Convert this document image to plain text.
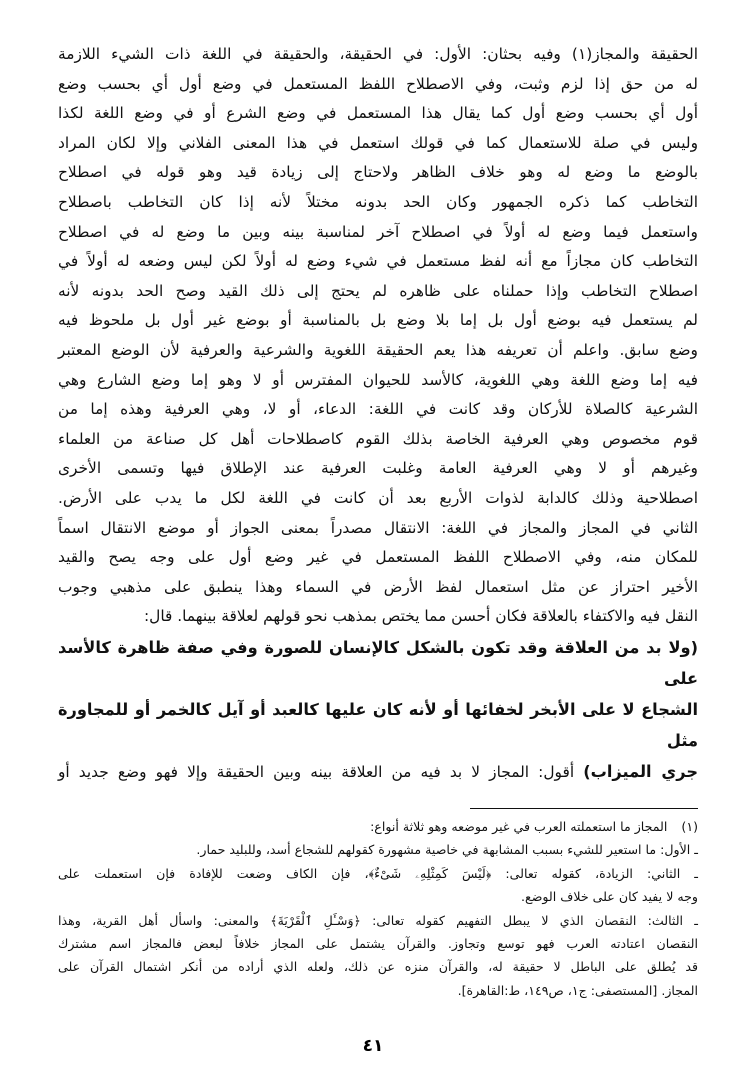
الحقيقة والمجاز(١) وفيه بحثان: الأول: في الحقيقة، والحقيقة في اللغة ذات الشيء اللازمة

له من حق إذا لزم وثبت، وفي الاصطلاح اللفظ المستعمل في وضع أول أي بحسب وضع

أول أي بحسب وضع أول كما يقال هذا المستعمل في وضع الشرع أو في وضع اللغة لكذا

وليس في صلة للاستعمال كما في قولك استعمل في هذا المعنى الفلاني وإلا لكان المراد

بالوضع ما وضع له وهو خلاف الظاهر ولاحتاج إلى زيادة قيد وهو قوله في اصطلاح

التخاطب كما ذكره الجمهور وكان الحد بدونه مختلاً لأنه إذا كان التخاطب باصطلاح

واستعمل فيما وضع له أولاً في اصطلاح آخر لمناسبة بينه وبين ما وضع له في اصطلاح

التخاطب كان مجازاً مع أنه لفظ مستعمل في شيء وضع له أولاً لكن ليس وضعه له أولاً في

اصطلاح التخاطب وإذا حملناه على ظاهره لم يحتج إلى ذلك القيد وصح الحد بدونه لأنه

لم يستعمل فيه بوضع أول بل إما بلا وضع بل بالمناسبة أو بوضع غير أول بل ملحوظ فيه

وضع سابق. واعلم أن تعريفه هذا يعم الحقيقة اللغوية والشرعية والعرفية لأن الوضع المعتبر

فيه إما وضع اللغة وهي اللغوية، كالأسد للحيوان المفترس أو لا وهو إما وضع الشارع وهي

الشرعية كالصلاة للأركان وقد كانت في اللغة: الدعاء، أو لا، وهي العرفية وهذه إما من

قوم مخصوص وهي العرفية الخاصة بذلك القوم كاصطلاحات أهل كل صناعة من العلماء

وغيرهم أو لا وهي العرفية العامة وغلبت العرفية عند الإطلاق فيها وتسمى الأخرى

اصطلاحية وذلك كالدابة لذوات الأربع بعد أن كانت في اللغة لكل ما يدب على الأرض.

الثاني في المجاز والمجاز في اللغة: الانتقال مصدراً بمعنى الجواز أو موضع الانتقال اسماً

للمكان منه، وفي الاصطلاح اللفظ المستعمل في غير وضع أول على وجه يصح والقيد

الأخير احتراز عن مثل استعمال لفظ الأرض في السماء وهذا ينطبق على مذهبي وجوب

النقل فيه والاكتفاء بالعلاقة فكان أحسن مما يختص بمذهب نحو قولهم لعلاقة بينهما. قال:

(ولا بد من العلاقة وقد تكون بالشكل كالإنسان للصورة وفي صفة ظاهرة كالأسد على

الشجاع لا على الأبخر لخفائها أو لأنه كان عليها كالعبد أو آيل كالخمر أو للمجاورة مثل

جري الميزاب) أقول: المجاز لا بد فيه من العلاقة بينه وبين الحقيقة وإلا فهو وضع جديد أو

(١)
المجاز ما استعملته العرب في غير موضعه وهو ثلاثة أنواع:

ـ الأول: ما استعير للشيء بسبب المشابهة في خاصية مشهورة كقولهم للشجاع أسد، وللبليد حمار.

ـ الثاني: الزيادة، كقوله تعالى: ﴿لَيْسَ كَمِثْلِهِۦ شَىْءٌ﴾، فإن الكاف وضعت للإفادة فإن استعملت على

وجه لا يفيد كان على خلاف الوضع.

ـ الثالث: النقصان الذي لا يبطل التفهيم كقوله تعالى: ﴿وَسْـَٔلِ ٱلْقَرْيَةَ﴾ والمعنى: واسأل أهل القرية، وهذا

النقصان اعتادته العرب فهو توسع وتجاوز. والقرآن يشتمل على المجاز خلافاً لبعض فالمجاز اسم مشترك

قد يُطلق على الباطل لا حقيقة له، والقرآن منزه عن ذلك، ولعله الذي أراده من أنكر اشتمال القرآن على

المجاز. [المستصفى: ج١، ص١٤٩، ط:القاهرة].

٤١
